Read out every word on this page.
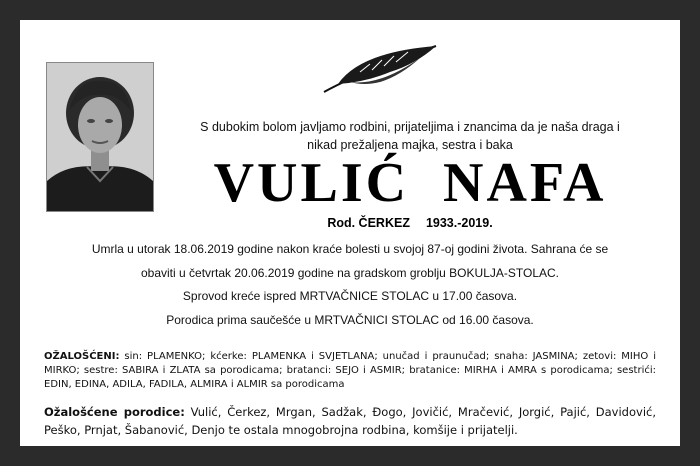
S dubokim bolom javljamo rodbini, prijateljima i znancima da je naša draga i
nikad prežaljena majka, sestra i baka
VULIĆ NAFA
Rod. ČERKEZ 1933.-2019.
Umrla u utorak 18.06.2019 godine nakon kraće bolesti u svojoj 87-oj godini života. Sahrana će se
obaviti u četvrtak 20.06.2019 godine na gradskom groblju BOKULJA-STOLAC.
Sprovod kreće ispred MRTVAČNICE STOLAC u 17.00 časova.
Porodica prima saučešće u MRTVAČNICI STOLAC od 16.00 časova.
OŽALOŠĆENI: sin: PLAMENKO; kćerke: PLAMENKA i SVJETLANA; unučad i praunučad; snaha: JASMINA; zetovi: MIHO i MIRKO; sestre: SABIRA i ZLATA sa porodicama; bratanci: SEJO i ASMIR; bratanice: MIRHA i AMRA s porodicama; sestrići: EDIN, EDINA, ADILA, FADILA, ALMIRA i ALMIR sa porodicama
Ožalošćene porodice: Vulić, Čerkez, Mrgan, Sadžak, Đogo, Jovičić, Mračević, Jorgić, Pajić, Davidović, Peško, Prnjat, Šabanović, Denjo te ostala mnogobrojna rodbina, komšije i prijatelji.
